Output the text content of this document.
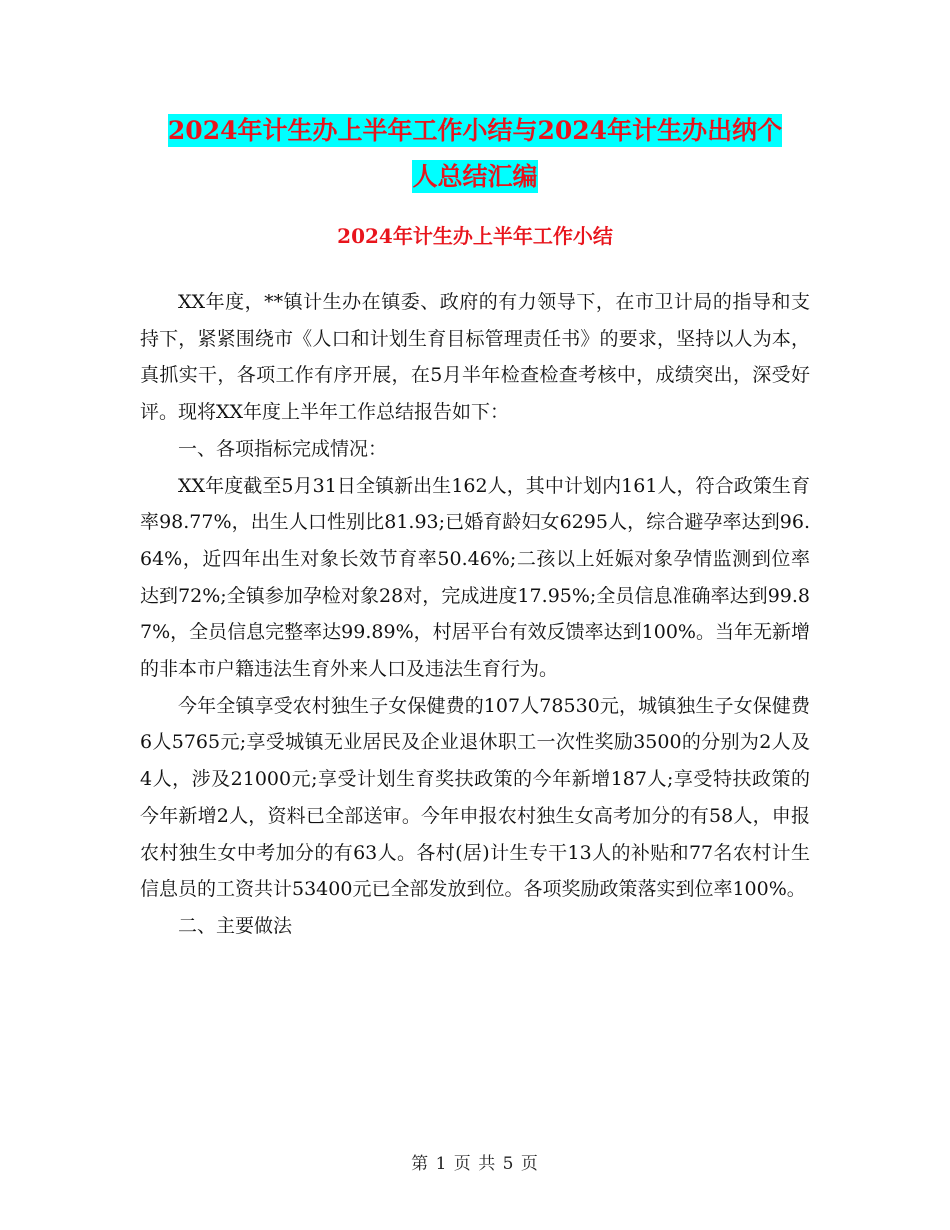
2024年计生办上半年工作小结与2024年计生办出纳个
人总结汇编
2024年计生办上半年工作小结

XX年度，**镇计生办在镇委、政府的有力领导下，在市卫计局的指导和支持下，紧紧围绕市《人口和计划生育目标管理责任书》的要求，坚持以人为本，真抓实干，各项工作有序开展，在5月半年检查检查考核中，成绩突出，深受好评。现将XX年度上半年工作总结报告如下：

一、各项指标完成情况：

XX年度截至5月31日全镇新出生162人，其中计划内161人，符合政策生育率98.77%，出生人口性别比81.93;已婚育龄妇女6295人，综合避孕率达到96.64%，近四年出生对象长效节育率50.46%;二孩以上妊娠对象孕情监测到位率达到72%;全镇参加孕检对象28对，完成进度17.95%;全员信息准确率达到99.87%，全员信息完整率达99.89%，村居平台有效反馈率达到100%。当年无新增的非本市户籍违法生育外来人口及违法生育行为。

今年全镇享受农村独生子女保健费的107人78530元，城镇独生子女保健费6人5765元;享受城镇无业居民及企业退休职工一次性奖励3500的分别为2人及4人，涉及21000元;享受计划生育奖扶政策的今年新增187人;享受特扶政策的今年新增2人，资料已全部送审。今年申报农村独生女高考加分的有58人，申报农村独生女中考加分的有63人。各村(居)计生专干13人的补贴和77名农村计生信息员的工资共计53400元已全部发放到位。各项奖励政策落实到位率100%。

二、主要做法

第 1 页 共 5 页
